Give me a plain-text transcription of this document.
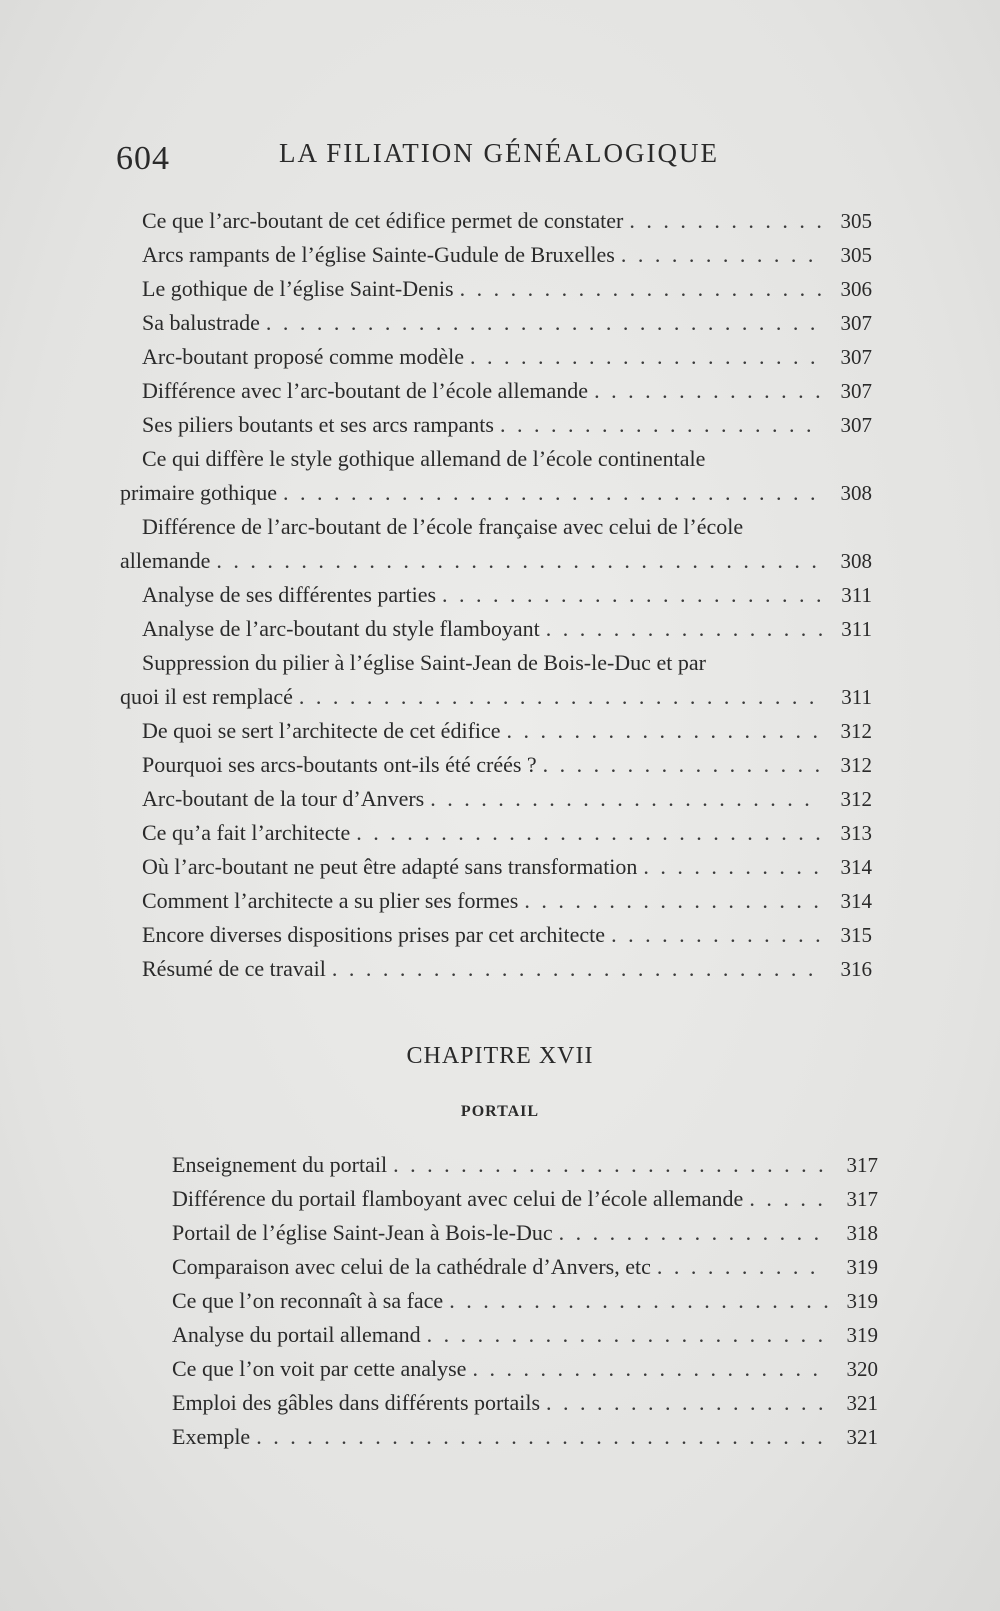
604	LA FILIATION GÉNÉALOGIQUE
Ce que l’arc-boutant de cet édifice permet de constater . . .	305
Arcs rampants de l’église Sainte-Gudule de Bruxelles . . .	305
Le gothique de l’église Saint-Denis . . .	306
Sa balustrade . . .	307
Arc-boutant proposé comme modèle . . .	307
Différence avec l’arc-boutant de l’école allemande . . .	307
Ses piliers boutants et ses arcs rampants . . .	307
Ce qui diffère le style gothique allemand de l’école continentale
primaire gothique . . .	308
Différence de l’arc-boutant de l’école française avec celui de l’école
allemande . . .	308
Analyse de ses différentes parties . . .	311
Analyse de l’arc-boutant du style flamboyant . . .	311
Suppression du pilier à l’église Saint-Jean de Bois-le-Duc et par
quoi il est remplacé . . .	311
De quoi se sert l’architecte de cet édifice . . .	312
Pourquoi ses arcs-boutants ont-ils été créés ? . . .	312
Arc-boutant de la tour d’Anvers . . .	312
Ce qu’a fait l’architecte . . .	313
Où l’arc-boutant ne peut être adapté sans transformation . . .	314
Comment l’architecte a su plier ses formes . . .	314
Encore diverses dispositions prises par cet architecte . . .	315
Résumé de ce travail . . .	316
CHAPITRE XVII
PORTAIL
Enseignement du portail . . .	317
Différence du portail flamboyant avec celui de l’école allemande . . .	317
Portail de l’église Saint-Jean à Bois-le-Duc . . .	318
Comparaison avec celui de la cathédrale d’Anvers, etc . . .	319
Ce que l’on reconnaît à sa face . . .	319
Analyse du portail allemand . . .	319
Ce que l’on voit par cette analyse . . .	320
Emploi des gâbles dans différents portails . . .	321
Exemple . . .	321
